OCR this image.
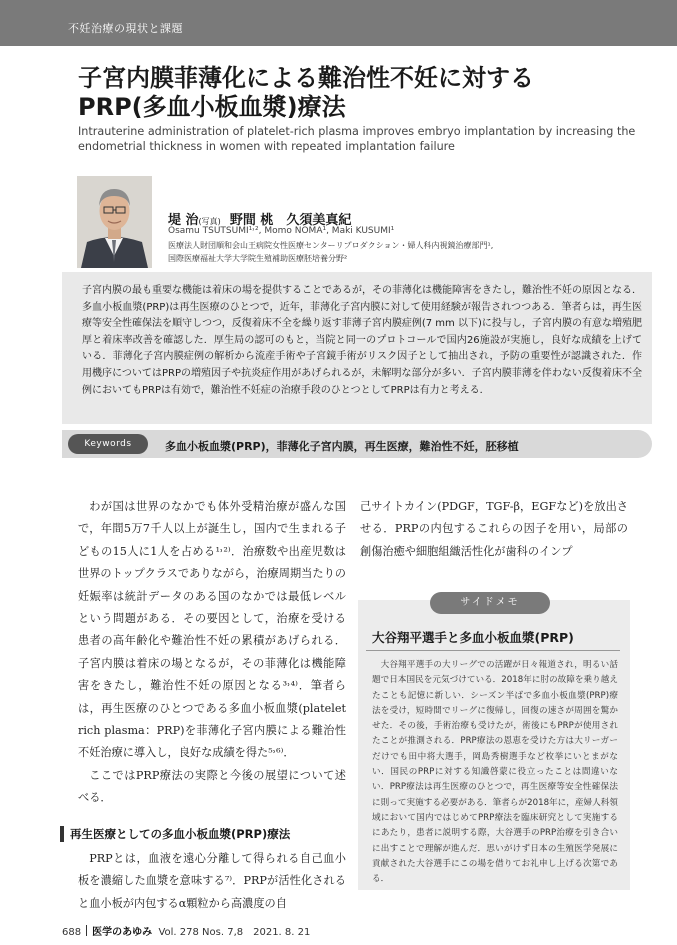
不妊治療の現状と課題
子宮内膜菲薄化による難治性不妊に対する
PRP(多血小板血漿)療法
Intrauterine administration of platelet-rich plasma improves embryo implantation by increasing the endometrial thickness in women with repeated implantation failure
堤 治(写真) 野間 桃　久須美真紀
Osamu TSUTSUMI¹˒², Momo NOMA¹, Maki KUSUMI¹
医療法人財団順和会山王病院女性医療センターリプロダクション・婦人科内視鏡治療部門¹,
国際医療福祉大学大学院生殖補助医療胚培養分野²
子宮内膜の最も重要な機能は着床の場を提供することであるが，その菲薄化は機能障害をきたし，難治性不妊の原因となる．多血小板血漿(PRP)は再生医療のひとつで，近年，菲薄化子宮内膜に対して使用経験が報告されつつある．筆者らは，再生医療等安全性確保法を順守しつつ，反復着床不全を繰り返す菲薄子宮内膜症例(7 mm 以下)に投与し，子宮内膜の有意な増殖肥厚と着床率改善を確認した．厚生局の認可のもと，当院と同一のプロトコールで国内26施設が実施し，良好な成績を上げている．菲薄化子宮内膜症例の解析から流産手術や子宮鏡手術がリスク因子として抽出され，予防の重要性が認識された．作用機序についてはPRPの増殖因子や抗炎症作用があげられるが，未解明な部分が多い．子宮内膜菲薄を伴わない反復着床不全例においてもPRPは有効で，難治性不妊症の治療手段のひとつとしてPRPは有力と考える．
Keywords	多血小板血漿(PRP)，菲薄化子宮内膜，再生医療，難治性不妊，胚移植

わが国は世界のなかでも体外受精治療が盛んな国で，年間5万7千人以上が誕生し，国内で生まれる子どもの15人に1人を占める¹˒²⁾．治療数や出産児数は世界のトップクラスでありながら，治療周期当たりの妊娠率は統計データのある国のなかでは最低レベルという問題がある．その要因として，治療を受ける患者の高年齢化や難治性不妊の累積があげられる．子宮内膜は着床の場となるが，その菲薄化は機能障害をきたし，難治性不妊の原因となる³˒⁴⁾．筆者らは，再生医療のひとつである多血小板血漿(platelet rich plasma：PRP)を菲薄化子宮内膜による難治性不妊治療に導入し，良好な成績を得た⁵˒⁶⁾．

ここではPRP療法の実際と今後の展望について述べる．

再生医療としての多血小板血漿(PRP)療法

PRPとは，血液を遠心分離して得られる自己血小板を濃縮した血漿を意味する⁷⁾．PRPが活性化されると血小板が内包するα顆粒から高濃度の自

己サイトカイン(PDGF，TGF-β，EGFなど)を放出させる．PRPの内包するこれらの因子を用い，局部の創傷治癒や細胞組織活性化が歯科のインプ

サイドメモ
大谷翔平選手と多血小板血漿(PRP)

大谷翔平選手の大リーグでの活躍が日々報道され，明るい話題で日本国民を元気づけている．2018年に肘の故障を乗り越えたことも記憶に新しい．シーズン半ばで多血小板血漿(PRP)療法を受け，短時間でリーグに復帰し，回復の速さが周囲を驚かせた．その後，手術治療も受けたが，術後にもPRPが使用されたことが推測される．PRP療法の恩恵を受けた方は大リーガーだけでも田中将大選手，岡島秀樹選手など枚挙にいとまがない．国民のPRPに対する知識啓蒙に役立ったことは間違いない．PRP療法は再生医療のひとつで，再生医療等安全性確保法に則って実施する必要がある．筆者らが2018年に，産婦人科領域において国内ではじめてPRP療法を臨床研究として実施するにあたり，患者に説明する際，大谷選手のPRP治療を引き合いに出すことで理解が進んだ．思いがけず日本の生殖医学発展に貢献された大谷選手にこの場を借りてお礼申し上げる次第である．

688 医学のあゆみ Vol. 278 Nos. 7,8　2021. 8. 21
